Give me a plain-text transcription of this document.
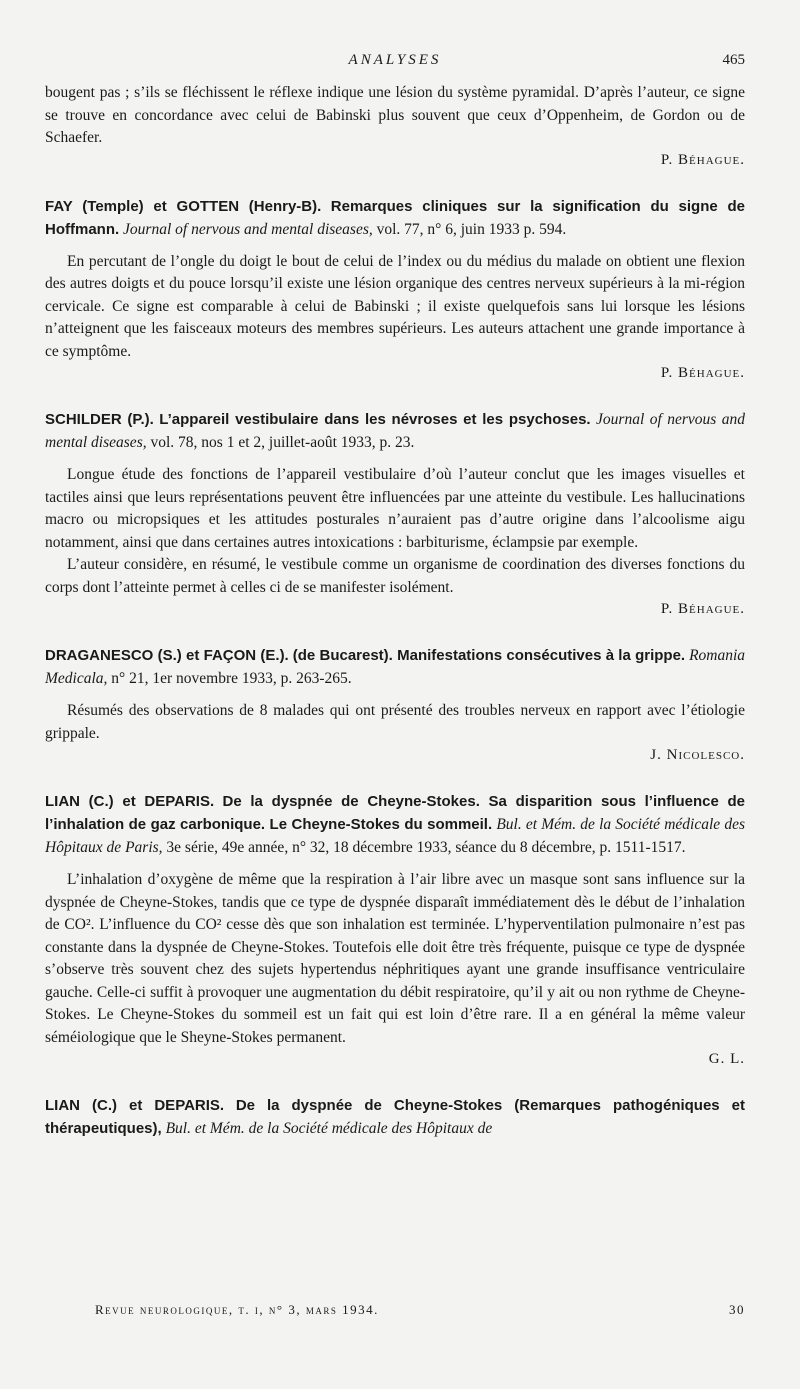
ANALYSES	465

bougent pas ; s’ils se fléchissent le réflexe indique une lésion du système pyramidal. D’après l’auteur, ce signe se trouve en concordance avec celui de Babinski plus souvent que ceux d’Oppenheim, de Gordon ou de Schaefer.

P. Béhague.

FAY (Temple) et GOTTEN (Henry-B). Remarques cliniques sur la signification du signe de Hoffmann. Journal of nervous and mental diseases, vol. 77, n° 6, juin 1933 p. 594.

En percutant de l’ongle du doigt le bout de celui de l’index ou du médius du malade on obtient une flexion des autres doigts et du pouce lorsqu’il existe une lésion organique des centres nerveux supérieurs à la mi-région cervicale. Ce signe est comparable à celui de Babinski ; il existe quelquefois sans lui lorsque les lésions n’atteignent que les faisceaux moteurs des membres supérieurs. Les auteurs attachent une grande importance à ce symptôme.

P. Béhague.

SCHILDER (P.). L’appareil vestibulaire dans les névroses et les psychoses. Journal of nervous and mental diseases, vol. 78, nos 1 et 2, juillet-août 1933, p. 23.

Longue étude des fonctions de l’appareil vestibulaire d’où l’auteur conclut que les images visuelles et tactiles ainsi que leurs représentations peuvent être influencées par une atteinte du vestibule. Les hallucinations macro ou micropsiques et les attitudes posturales n’auraient pas d’autre origine dans l’alcoolisme aigu notamment, ainsi que dans certaines autres intoxications : barbiturisme, éclampsie par exemple.

L’auteur considère, en résumé, le vestibule comme un organisme de coordination des diverses fonctions du corps dont l’atteinte permet à celles ci de se manifester isolément.

P. Béhague.

DRAGANESCO (S.) et FAÇON (E.). (de Bucarest). Manifestations consécutives à la grippe. Romania Medicala, n° 21, 1er novembre 1933, p. 263-265.

Résumés des observations de 8 malades qui ont présenté des troubles nerveux en rapport avec l’étiologie grippale.

J. Nicolesco.

LIAN (C.) et DEPARIS. De la dyspnée de Cheyne-Stokes. Sa disparition sous l’influence de l’inhalation de gaz carbonique. Le Cheyne-Stokes du sommeil. Bul. et Mém. de la Société médicale des Hôpitaux de Paris, 3e série, 49e année, n° 32, 18 décembre 1933, séance du 8 décembre, p. 1511-1517.

L’inhalation d’oxygène de même que la respiration à l’air libre avec un masque sont sans influence sur la dyspnée de Cheyne-Stokes, tandis que ce type de dyspnée disparaît immédiatement dès le début de l’inhalation de CO². L’influence du CO² cesse dès que son inhalation est terminée. L’hyperventilation pulmonaire n’est pas constante dans la dyspnée de Cheyne-Stokes. Toutefois elle doit être très fréquente, puisque ce type de dyspnée s’observe très souvent chez des sujets hypertendus néphritiques ayant une grande insuffisance ventriculaire gauche. Celle-ci suffit à provoquer une augmentation du débit respiratoire, qu’il y ait ou non rythme de Cheyne-Stokes. Le Cheyne-Stokes du sommeil est un fait qui est loin d’être rare. Il a en général la même valeur séméiologique que le Sheyne-Stokes permanent.

G. L.

LIAN (C.) et DEPARIS. De la dyspnée de Cheyne-Stokes (Remarques pathogéniques et thérapeutiques), Bul. et Mém. de la Société médicale des Hôpitaux de

Revue neurologique, t. i, n° 3, mars 1934.	30
